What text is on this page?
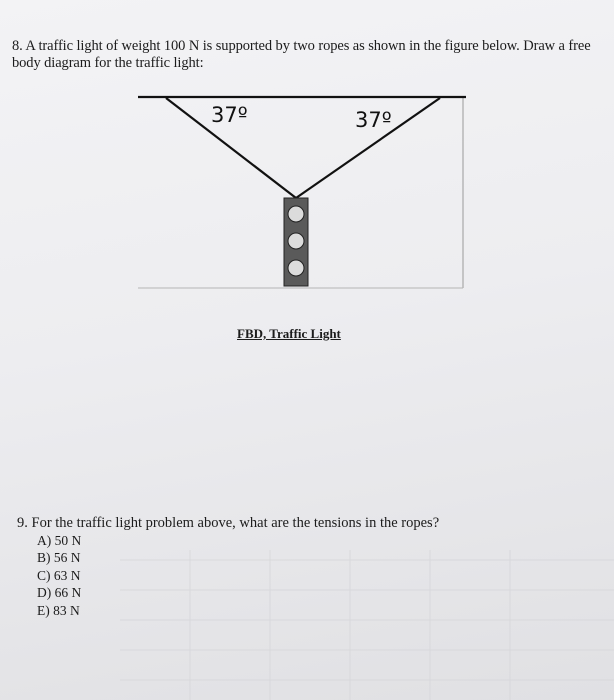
8. A traffic light of weight 100 N is supported by two ropes as shown in the figure below. Draw a free body diagram for the traffic light:
37º	37º
FBD, Traffic Light
9. For the traffic light problem above, what are the tensions in the ropes?
A) 50 N
B) 56 N
C) 63 N
D) 66 N
E) 83 N
